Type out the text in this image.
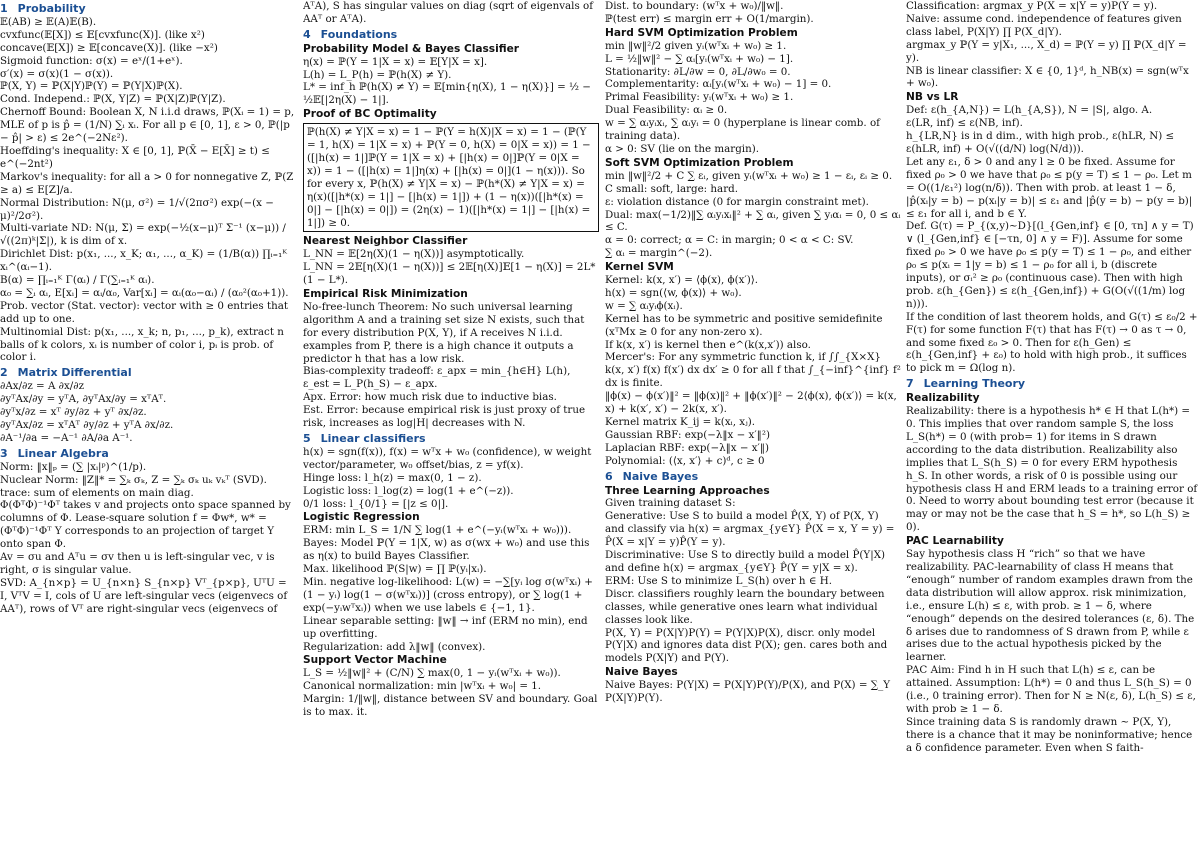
1 Probability
𝔼(AB) ≥ 𝔼(A)𝔼(B).
cvxfunc(𝔼[X]) ≤ 𝔼[cvxfunc(X)]. (like x²)
concave(𝔼[X]) ≥ 𝔼[concave(X)]. (like −x²)
Sigmoid function: σ(x) = eˣ/(1+eˣ).
σ′(x) = σ(x)(1 − σ(x)).
ℙ(X, Y) = ℙ(X|Y)ℙ(Y) = ℙ(Y|X)ℙ(X).
Cond. Independ.: ℙ(X, Y|Z) = ℙ(X|Z)ℙ(Y|Z).
Chernoff Bound: Boolean X, N i.i.d draws, ℙ(Xᵢ = 1) = p, MLE of p is p̂ = (1/N) ∑ᵢ xᵢ. For all p ∈ [0, 1], ε > 0, ℙ(|p − p̂| > ε) ≤ 2e^(−2Nε²).
Hoeffding's inequality: X ∈ [0, 1], ℙ(X̄ − E[X̄] ≥ t) ≤ e^(−2nt²)
Markov's inequality: for all a > 0 for nonnegative Z, ℙ(Z ≥ a) ≤ E[Z]/a.
Normal Distribution: N(μ, σ²) = 1/√(2πσ²) exp(−(x − μ)²/2σ²).
Multi-variate ND: N(μ, Σ) = exp(−½(x−μ)ᵀ Σ⁻¹ (x−μ)) / √((2π)ᵏ|Σ|), k is dim of x.
Dirichlet Dist: p(x₁, ..., x_K; α₁, ..., α_K) = (1/B(α)) ∏ᵢ₌₁ᴷ xᵢ^(αᵢ−1).
B(α) = ∏ᵢ₌₁ᴷ Γ(αᵢ) / Γ(∑ᵢ₌₁ᴷ αᵢ).
α₀ = ∑ᵢ αᵢ, E[xᵢ] = αᵢ/α₀, Var[xᵢ] = αᵢ(α₀−αᵢ) / (α₀²(α₀+1)).
Prob. vector (Stat. vector): vector with ≥ 0 entries that add up to one.
Multinomial Dist: p(x₁, ..., x_k; n, p₁, ..., p_k), extract n balls of k colors, xᵢ is number of color i, pᵢ is prob. of color i.
2 Matrix Differential
∂Ax/∂z = A ∂x/∂z
∂yᵀAx/∂y = yᵀA, ∂yᵀAx/∂y = xᵀAᵀ.
∂yᵀx/∂z = xᵀ ∂y/∂z + yᵀ ∂x/∂z.
∂yᵀAx/∂z = xᵀAᵀ ∂y/∂z + yᵀA ∂x/∂z.
∂A⁻¹/∂a = −A⁻¹ ∂A/∂a A⁻¹.
3 Linear Algebra
Norm: ‖x‖ₚ = (∑ |xᵢ|ᵖ)^(1/p).
Nuclear Norm: ‖Z‖* = ∑ₖ σₖ, Z = ∑ₖ σₖ uₖ vₖᵀ (SVD).
trace: sum of elements on main diag.
Φ(ΦᵀΦ)⁻¹Φᵀ takes v and projects onto space spanned by columns of Φ. Lease-square solution f = Φw*, w* = (ΦᵀΦ)⁻¹Φᵀ Y corresponds to an projection of target Y onto span Φ.
Av = σu and Aᵀu = σv then u is left-singular vec, v is right, σ is singular value.
SVD: A_{n×p} = U_{n×n} S_{n×p} Vᵀ_{p×p}, UᵀU = I, VᵀV = I, cols of U are left-singular vecs (eigenvecs of AAᵀ), rows of Vᵀ are right-singular vecs (eigenvecs of
AᵀA), S has singular values on diag (sqrt of eigenvals of AAᵀ or AᵀA).
4 Foundations
Probability Model & Bayes Classifier
η(x) = ℙ(Y = 1|X = x) = 𝔼[Y|X = x].
L(h) = L_P(h) = ℙ(h(X) ≠ Y).
L* = inf_h ℙ(h(X) ≠ Y) = 𝔼[min{η(X), 1 − η(X)}] = ½ − ½𝔼[|2η(X) − 1|].
Proof of BC Optimality
ℙ(h(X) ≠ Y|X = x) = 1 − ℙ(Y = h(X)|X = x) = 1 − (ℙ(Y = 1, h(X) = 1|X = x) + ℙ(Y = 0, h(X) = 0|X = x)) = 1 − ([|h(x) = 1|]ℙ(Y = 1|X = x) + [|h(x) = 0|]ℙ(Y = 0|X = x)) = 1 − ([|h(x) = 1|]η(x) + [|h(x) = 0|](1 − η(x))). So for every x, ℙ(h(X) ≠ Y|X = x) − ℙ(h*(X) ≠ Y|X = x) = η(x)([|h*(x) = 1|] − [|h(x) = 1|]) + (1 − η(x))([|h*(x) = 0|] − [|h(x) = 0|]) = (2η(x) − 1)([|h*(x) = 1|] − [|h(x) = 1|]) ≥ 0.
Nearest Neighbor Classifier
L_NN = 𝔼[2η(X)(1 − η(X))] asymptotically.
L_NN = 2𝔼[η(X)(1 − η(X))] ≤ 2𝔼[η(X)]𝔼[1 − η(X)] = 2L*(1 − L*).
Empirical Risk Minimization
No-free-lunch Theorem: No such universal learning algorithm A and a training set size N exists, such that for every distribution P(X, Y), if A receives N i.i.d. examples from P, there is a high chance it outputs a predictor h that has a low risk.
Bias-complexity tradeoff: ε_apx = min_{h∈H} L(h), ε_est = L_P(h_S) − ε_apx.
Apx. Error: how much risk due to inductive bias.
Est. Error: because empirical risk is just proxy of true risk, increases as log|H| decreases with N.
5 Linear classifiers
h(x) = sgn(f(x)), f(x) = wᵀx + w₀ (confidence), w weight vector/parameter, w₀ offset/bias, z = yf(x).
Hinge loss: l_h(z) = max(0, 1 − z).
Logistic loss: l_log(z) = log(1 + e^(−z)).
0/1 loss: l_{0/1} = [|z ≤ 0|].
Logistic Regression
ERM: min L_S = 1/N ∑ log(1 + e^(−yᵢ(wᵀxᵢ + w₀))).
Bayes: Model ℙ(Y = 1|X, w) as σ(wx + w₀) and use this as η(x) to build Bayes Classifier.
Max. likelihood ℙ(S|w) = ∏ ℙ(yᵢ|xᵢ).
Min. negative log-likelihood: L(w) = −∑[yᵢ log σ(wᵀxᵢ) + (1 − yᵢ) log(1 − σ(wᵀxᵢ))] (cross entropy), or ∑ log(1 + exp(−yᵢwᵀxᵢ)) when we use labels ∈ {−1, 1}.
Linear separable setting: ‖w‖ → inf (ERM no min), end up overfitting.
Regularization: add λ‖w‖ (convex).
Support Vector Machine
L_S = ½‖w‖² + (C/N) ∑ max(0, 1 − yᵢ(wᵀxᵢ + w₀)).
Canonical normalization: min |wᵀxᵢ + w₀| = 1.
Margin: 1/‖w‖, distance between SV and boundary. Goal is to max. it.
Dist. to boundary: (wᵀx + w₀)/‖w‖.
ℙ(test err) ≤ margin err + O(1/margin).
Hard SVM Optimization Problem
min ‖w‖²/2 given yᵢ(wᵀxᵢ + w₀) ≥ 1.
L = ½‖w‖² − ∑ αᵢ[yᵢ(wᵀxᵢ + w₀) − 1].
Stationarity: ∂L/∂w = 0, ∂L/∂w₀ = 0.
Complementarity: αᵢ[yᵢ(wᵀxᵢ + w₀) − 1] = 0.
Primal Feasibility: yᵢ(wᵀxᵢ + w₀) ≥ 1.
Dual Feasibility: αᵢ ≥ 0.
w = ∑ αᵢyᵢxᵢ, ∑ αᵢyᵢ = 0 (hyperplane is linear comb. of training data).
α > 0: SV (lie on the margin).
Soft SVM Optimization Problem
min ‖w‖²/2 + C ∑ εᵢ, given yᵢ(wᵀxᵢ + w₀) ≥ 1 − εᵢ, εᵢ ≥ 0.
C small: soft, large: hard.
ε: violation distance (0 for margin constraint met).
Dual: max(−1/2)‖∑ αᵢyᵢxᵢ‖² + ∑ αᵢ, given ∑ yᵢαᵢ = 0, 0 ≤ αᵢ ≤ C.
α = 0: correct; α = C: in margin; 0 < α < C: SV.
∑ αᵢ = margin^(−2).
Kernel SVM
Kernel: k(x, x′) = ⟨ϕ(x), ϕ(x′)⟩.
h(x) = sgn(⟨w, ϕ(x)⟩ + w₀).
w = ∑ αᵢyᵢϕ(xᵢ).
Kernel has to be symmetric and positive semidefinite (xᵀMx ≥ 0 for any non-zero x).
If k(x, x′) is kernel then e^(k(x,x′)) also.
Mercer's: For any symmetric function k, if ∫∫_{X×X} k(x, x′) f(x) f(x′) dx dx′ ≥ 0 for all f that ∫_{−inf}^{inf} f² dx is finite.
‖ϕ(x) − ϕ(x′)‖² = ‖ϕ(x)‖² + ‖ϕ(x′)‖² − 2⟨ϕ(x), ϕ(x′)⟩ = k(x, x) + k(x′, x′) − 2k(x, x′).
Kernel matrix K_ij = k(xᵢ, xⱼ).
Gaussian RBF: exp(−λ‖x − x′‖²)
Laplacian RBF: exp(−λ‖x − x′‖)
Polynomial: (⟨x, x′⟩ + c)ᵈ, c ≥ 0
6 Naive Bayes
Three Learning Approaches
Given training dataset S:
Generative: Use S to build a model P̂(X, Y) of P(X, Y) and classify via h(x) = argmax_{y∈Y} P̂(X = x, Y = y) = P̂(X = x|Y = y)P̂(Y = y).
Discriminative: Use S to directly build a model P̂(Y|X) and define h(x) = argmax_{y∈Y} P̂(Y = y|X = x).
ERM: Use S to minimize L_S(h) over h ∈ H.
Discr. classifiers roughly learn the boundary between classes, while generative ones learn what individual classes look like.
P(X, Y) = P(X|Y)P(Y) = P(Y|X)P(X), discr. only model P(Y|X) and ignores data dist P(X); gen. cares both and models P(X|Y) and P(Y).
Naive Bayes
Naive Bayes: P(Y|X) = P(X|Y)P(Y)/P(X), and P(X) = ∑_Y P(X|Y)P(Y).
Classification: argmax_y P(X = x|Y = y)P(Y = y).
Naive: assume cond. independence of features given class label, P(X|Y) ∏ P(X_d|Y).
argmax_y ℙ(Y = y|X₁, ..., X_d) = ℙ(Y = y) ∏ ℙ(X_d|Y = y).
NB is linear classifier: X ∈ {0, 1}ᵈ, h_NB(x) = sgn(wᵀx + w₀).
NB vs LR
Def: ε(h_{A,N}) = L(h_{A,S}), N = |S|, algo. A.
ε(LR, inf) ≤ ε(NB, inf).
h_{LR,N} is in d dim., with high prob., ε(hLR, N) ≤ ε(hLR, inf) + O(√((d/N) log(N/d))).
Let any ε₁, δ > 0 and any l ≥ 0 be fixed. Assume for fixed ρ₀ > 0 we have that ρ₀ ≤ p(y = T) ≤ 1 − ρ₀. Let m = O((1/ε₁²) log(n/δ)). Then with prob. at least 1 − δ, |p̂(xᵢ|y = b) − p(xᵢ|y = b)| ≤ ε₁ and |p̂(y = b) − p(y = b)| ≤ ε₁ for all i, and b ∈ Y.
Def. G(τ) = P_{(x,y)∼D}[(l_{Gen,inf} ∈ [0, τn] ∧ y = T) ∨ (l_{Gen,inf} ∈ [−τn, 0] ∧ y = F)]. Assume for some fixed ρ₀ > 0 we have ρ₀ ≤ p(y = T) ≤ 1 − ρ₀, and either ρ₀ ≤ p(xᵢ = 1|y = b) ≤ 1 − ρ₀ for all i, b (discrete inputs), or σᵢ² ≥ ρ₀ (continuous case). Then with high prob. ε(h_{Gen}) ≤ ε(h_{Gen,inf}) + G(O(√((1/m) log n))).
If the condition of last theorem holds, and G(τ) ≤ ε₀/2 + F(τ) for some function F(τ) that has F(τ) → 0 as τ → 0, and some fixed ε₀ > 0. Then for ε(h_Gen) ≤ ε(h_{Gen,inf} + ε₀) to hold with high prob., it suffices to pick m = Ω(log n).
7 Learning Theory
Realizability
Realizability: there is a hypothesis h* ∈ H that L(h*) = 0. This implies that over random sample S, the loss L_S(h*) = 0 (with prob= 1) for items in S drawn according to the data distribution. Realizability also implies that L_S(h_S) = 0 for every ERM hypothesis h_S. In other words, a risk of 0 is possible using our hypothesis class H and ERM leads to a training error of 0. Need to worry about bounding test error (because it may or may not be the case that h_S = h*, so L(h_S) ≥ 0).
PAC Learnability
Say hypothesis class H “rich” so that we have realizability. PAC-learnability of class H means that “enough” number of random examples drawn from the data distribution will allow approx. risk minimization, i.e., ensure L(h) ≤ ε, with prob. ≥ 1 − δ, where “enough” depends on the desired tolerances (ε, δ). The δ arises due to randomness of S drawn from P, while ε arises due to the actual hypothesis picked by the learner.
PAC Aim: Find h in H such that L(h) ≤ ε, can be attained. Assumption: L(h*) = 0 and thus L_S(h_S) = 0 (i.e., 0 training error). Then for N ≥ N(ε, δ), L(h_S) ≤ ε, with prob ≥ 1 − δ.
Since training data S is randomly drawn ∼ P(X, Y), there is a chance that it may be noninformative; hence a δ confidence parameter. Even when S faith-
